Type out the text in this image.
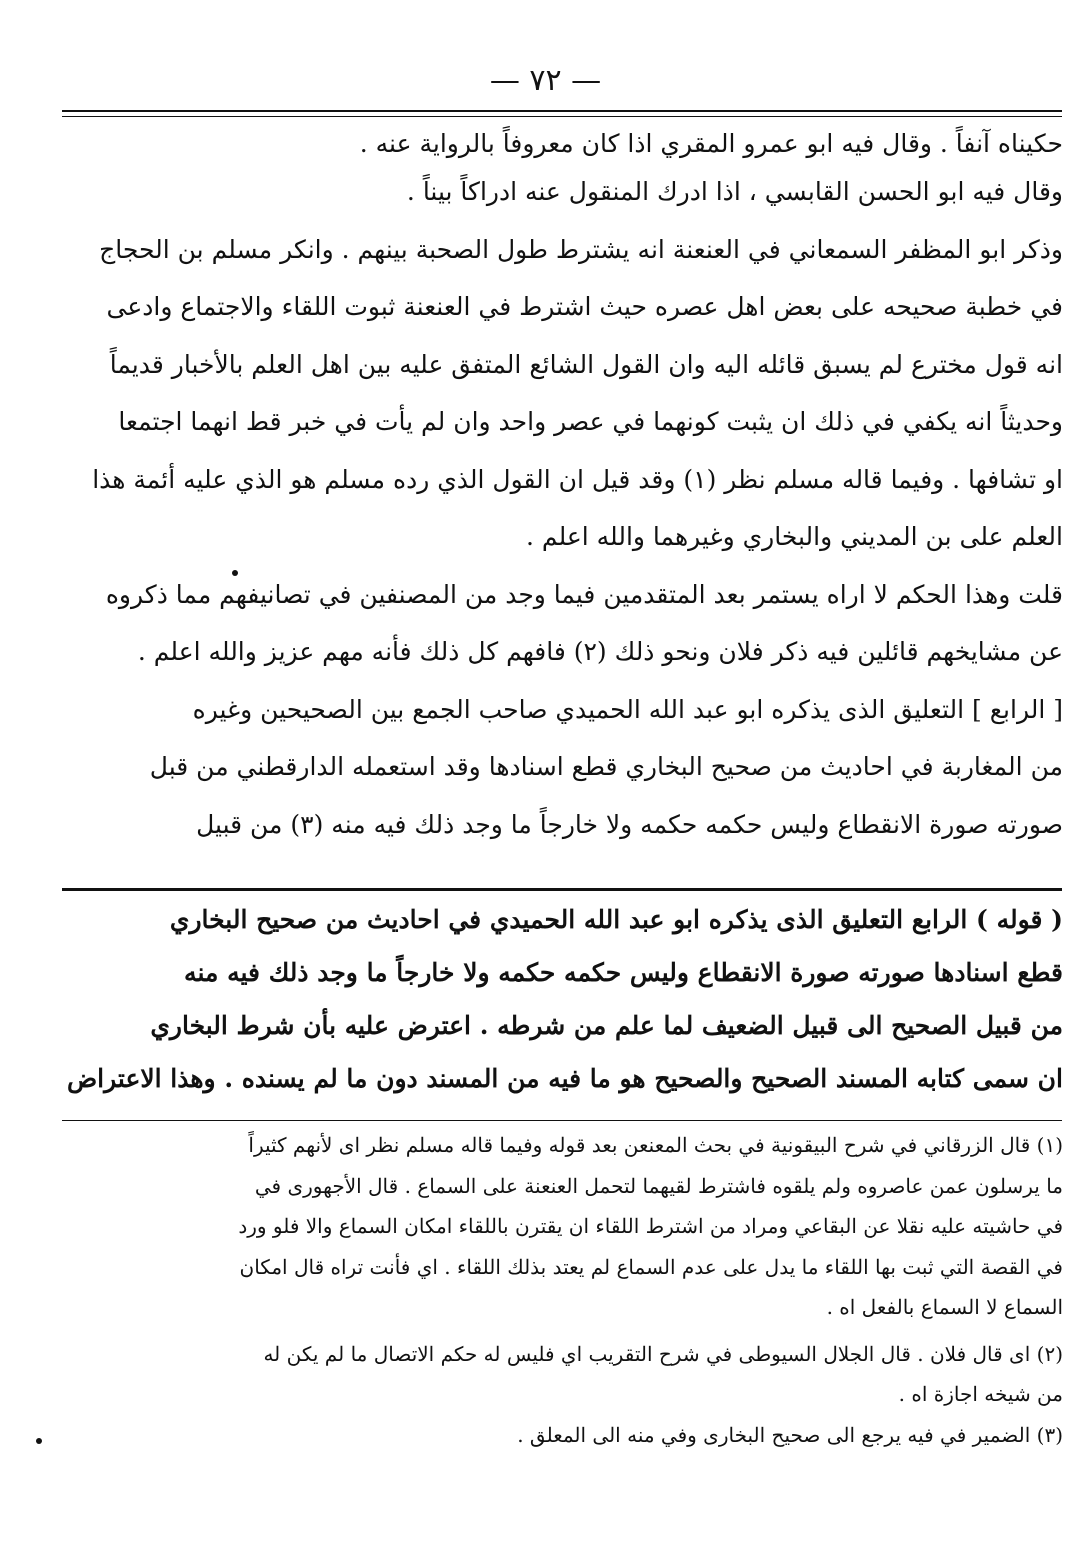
— ٧٢ —
حكيناه آنفاً . وقال فيه ابو عمرو المقري اذا كان معروفاً بالرواية عنه .
وقال فيه ابو الحسن القابسي ، اذا ادرك المنقول عنه ادراكاً بيناً .
وذكر ابو المظفر السمعاني في العنعنة انه يشترط طول الصحبة بينهم . وانكر مسلم بن الحجاج
في خطبة صحيحه على بعض اهل عصره حيث اشترط في العنعنة ثبوت اللقاء والاجتماع وادعى
انه قول مخترع لم يسبق قائله اليه وان القول الشائع المتفق عليه بين اهل العلم بالأخبار قديماً
وحديثاً انه يكفي في ذلك ان يثبت كونهما في عصر واحد وان لم يأت في خبر قط انهما اجتمعا
او تشافها . وفيما قاله مسلم نظر (١) وقد قيل ان القول الذي رده مسلم هو الذي عليه أئمة هذا
العلم على بن المديني والبخاري وغيرهما والله اعلم .
قلت وهذا الحكم لا اراه يستمر بعد المتقدمين فيما وجد من المصنفين في تصانيفهم مما ذكروه
عن مشايخهم قائلين فيه ذكر فلان ونحو ذلك (٢) فافهم كل ذلك فأنه مهم عزيز والله اعلم .
[ الرابع ] التعليق الذى يذكره ابو عبد الله الحميدي صاحب الجمع بين الصحيحين وغيره
من المغاربة في احاديث من صحيح البخاري قطع اسنادها وقد استعمله الدارقطني من قبل
صورته صورة الانقطاع وليس حكمه حكمه ولا خارجاً ما وجد ذلك فيه منه (٣) من قبيل
( قوله ) الرابع التعليق الذى يذكره ابو عبد الله الحميدي في احاديث من صحيح البخاري
قطع اسنادها صورته صورة الانقطاع وليس حكمه حكمه ولا خارجاً ما وجد ذلك فيه منه
من قبيل الصحيح الى قبيل الضعيف لما علم من شرطه . اعترض عليه بأن شرط البخاري
ان سمى كتابه المسند الصحيح والصحيح هو ما فيه من المسند دون ما لم يسنده . وهذا الاعتراض
(١) قال الزرقاني في شرح البيقونية في بحث المعنعن بعد قوله وفيما قاله مسلم نظر اى لأنهم كثيراً
ما يرسلون عمن عاصروه ولم يلقوه فاشترط لقيهما لتحمل العنعنة على السماع . قال الأجهورى في
في حاشيته عليه نقلا عن البقاعي ومراد من اشترط اللقاء ان يقترن باللقاء امكان السماع والا فلو ورد
في القصة التي ثبت بها اللقاء ما يدل على عدم السماع لم يعتد بذلك اللقاء . اي فأنت تراه قال امكان
السماع لا السماع بالفعل اه .
(٢) اى قال فلان . قال الجلال السيوطى في شرح التقريب اي فليس له حكم الاتصال ما لم يكن له
من شيخه اجازة اه .
(٣) الضمير في فيه يرجع الى صحيح البخارى وفي منه الى المعلق .
